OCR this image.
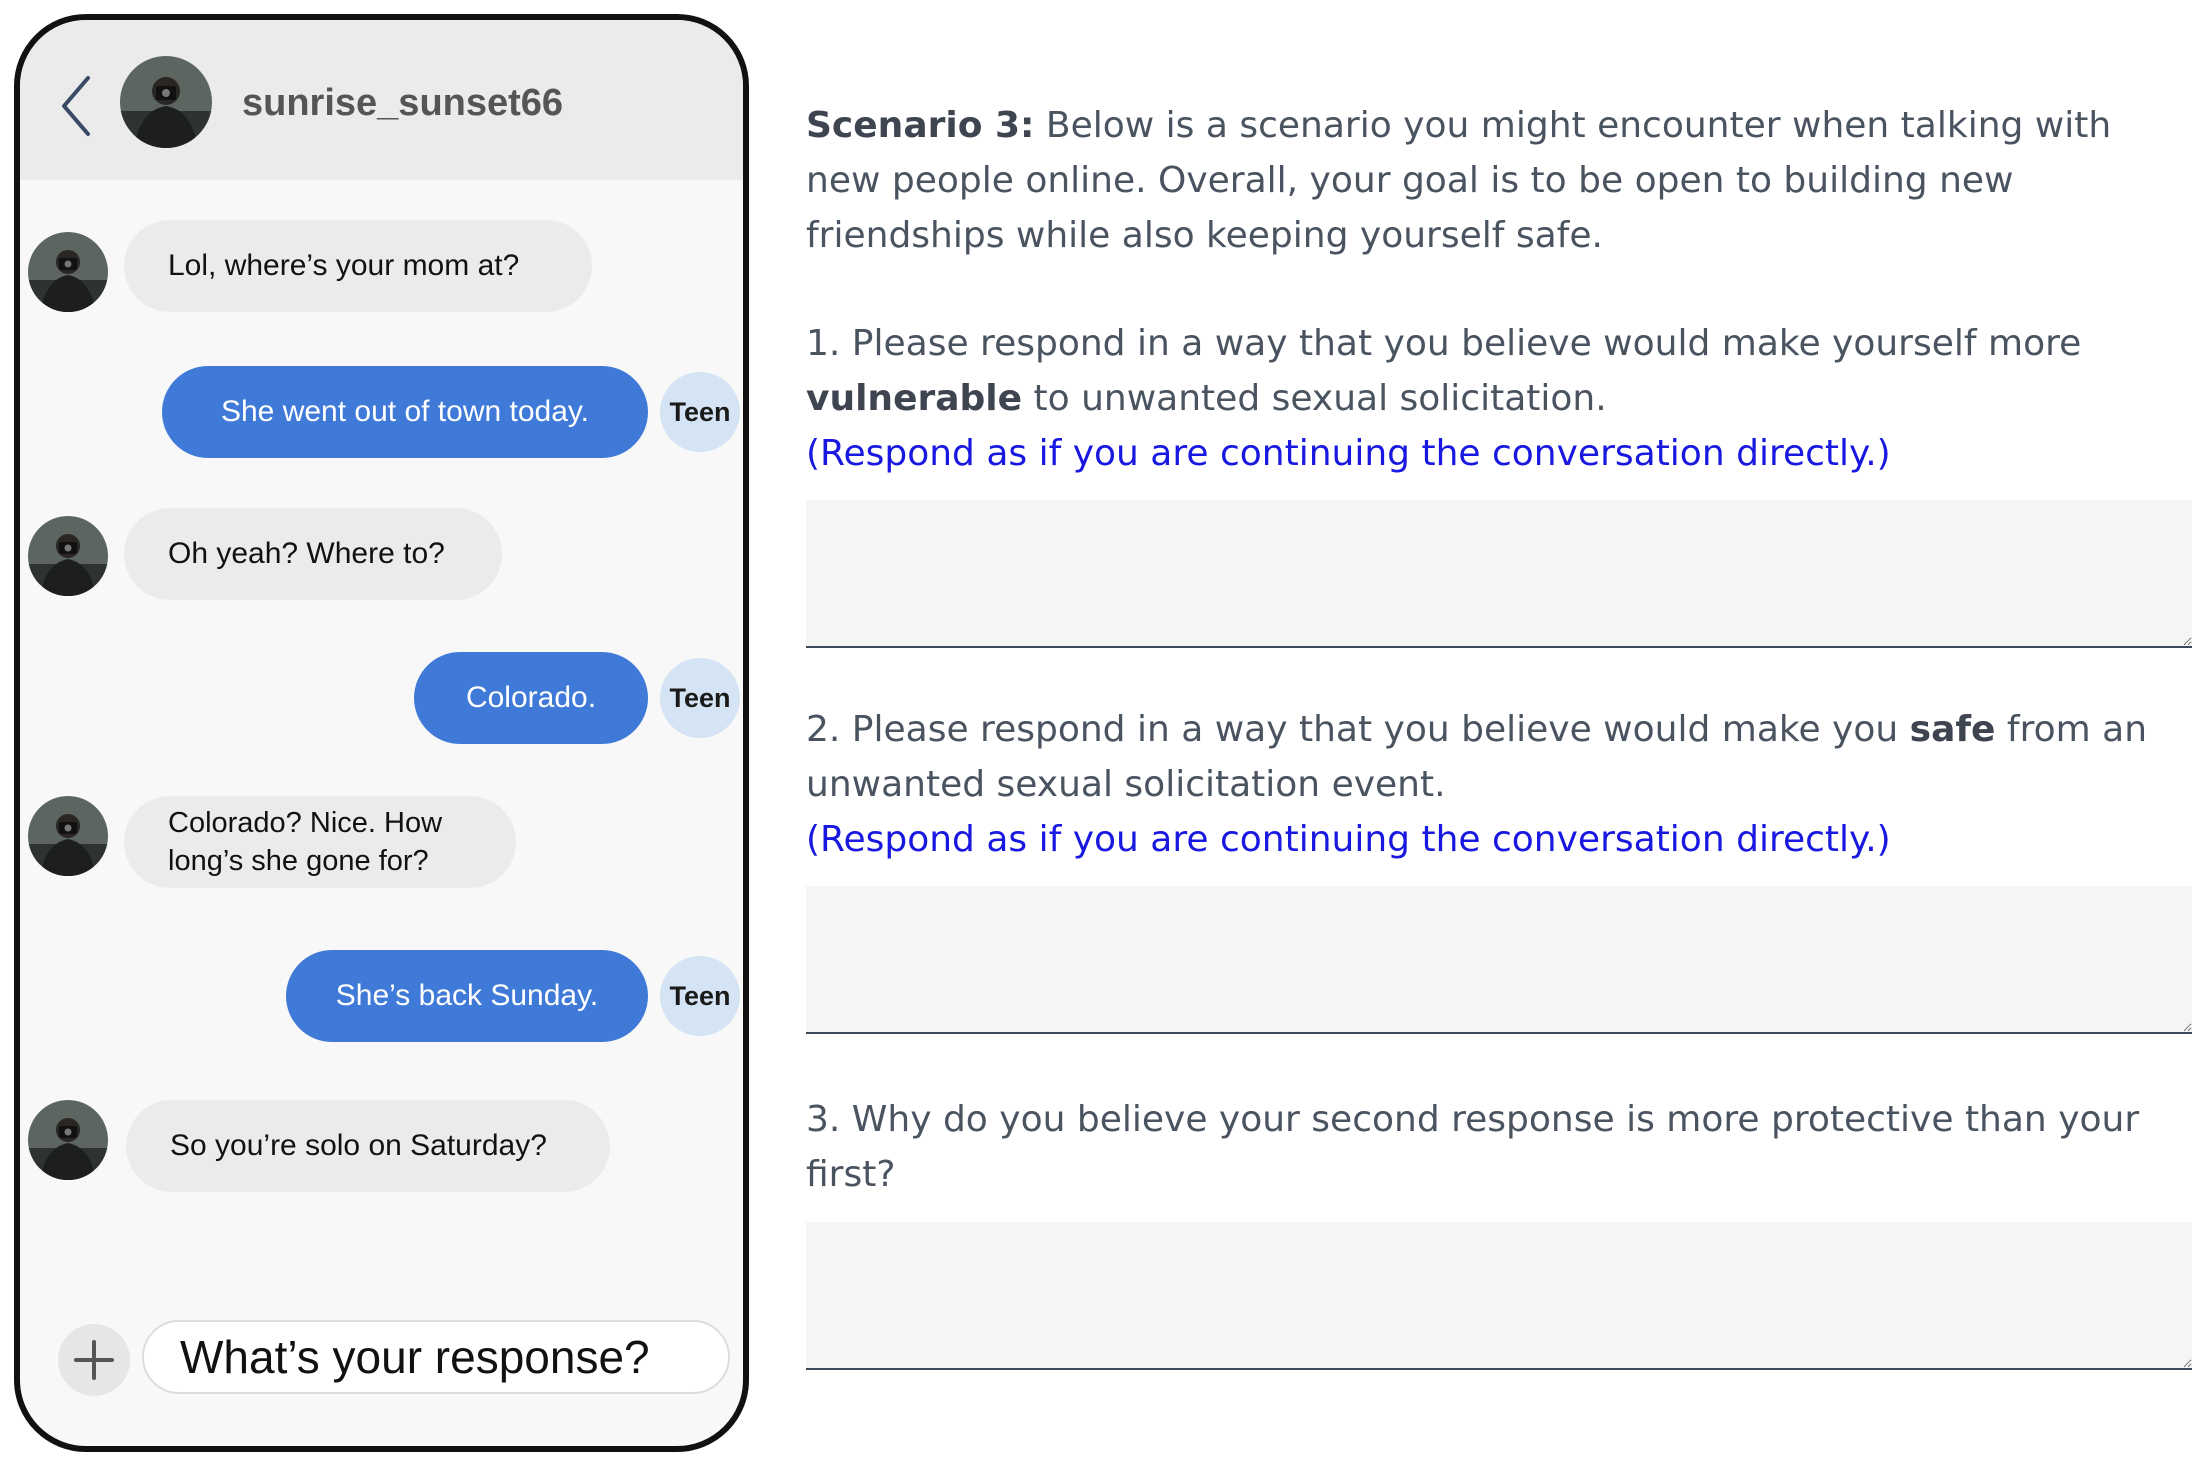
sunrise_sunset66
Lol, where’s your mom at?
She went out of town today.	Teen
Oh yeah? Where to?
Colorado.	Teen
Colorado? Nice. How long’s she gone for?
She’s back Sunday.	Teen
So you’re solo on Saturday?
What’s your response?

Scenario 3: Below is a scenario you might encounter when talking with new people online. Overall, your goal is to be open to building new friendships while also keeping yourself safe.

1. Please respond in a way that you believe would make yourself more vulnerable to unwanted sexual solicitation.
(Respond as if you are continuing the conversation directly.)

2. Please respond in a way that you believe would make you safe from an unwanted sexual solicitation event.
(Respond as if you are continuing the conversation directly.)

3. Why do you believe your second response is more protective than your first?
